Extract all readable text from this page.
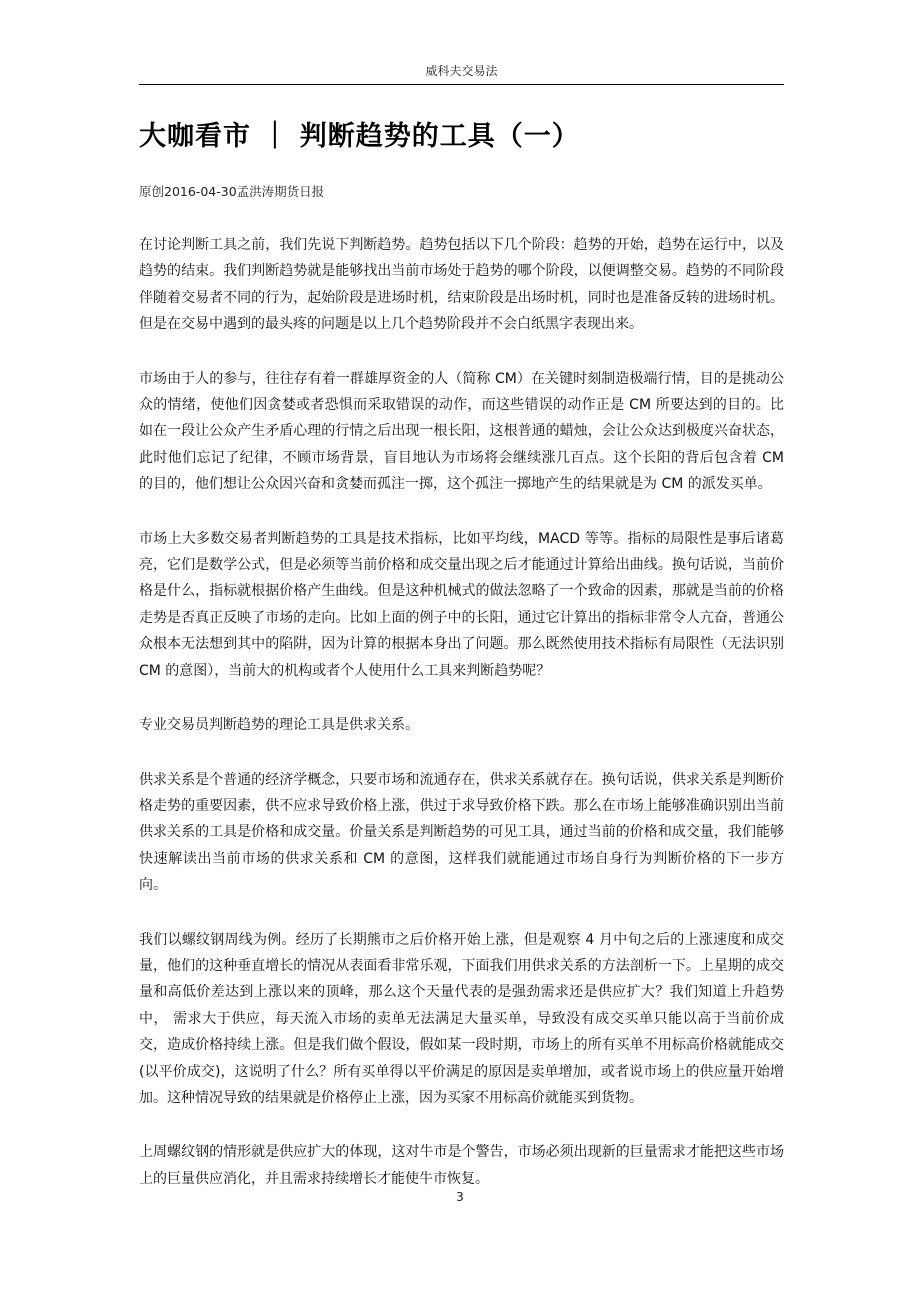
威科夫交易法
大咖看市 ｜ 判断趋势的工具（一）
原创2016-04-30孟洪涛期货日报

在讨论判断工具之前，我们先说下判断趋势。趋势包括以下几个阶段：趋势的开始，趋势在运行中，以及趋势的结束。我们判断趋势就是能够找出当前市场处于趋势的哪个阶段，以便调整交易。趋势的不同阶段伴随着交易者不同的行为，起始阶段是进场时机，结束阶段是出场时机，同时也是准备反转的进场时机。但是在交易中遇到的最头疼的问题是以上几个趋势阶段并不会白纸黑字表现出来。

市场由于人的参与，往往存有着一群雄厚资金的人（简称 CM）在关键时刻制造极端行情，目的是挑动公众的情绪，使他们因贪婪或者恐惧而采取错误的动作，而这些错误的动作正是 CM 所要达到的目的。比如在一段让公众产生矛盾心理的行情之后出现一根长阳，这根普通的蜡烛，会让公众达到极度兴奋状态，此时他们忘记了纪律，不顾市场背景，盲目地认为市场将会继续涨几百点。这个长阳的背后包含着 CM 的目的，他们想让公众因兴奋和贪婪而孤注一掷，这个孤注一掷地产生的结果就是为 CM 的派发买单。

市场上大多数交易者判断趋势的工具是技术指标，比如平均线，MACD 等等。指标的局限性是事后诸葛亮，它们是数学公式，但是必须等当前价格和成交量出现之后才能通过计算给出曲线。换句话说，当前价格是什么，指标就根据价格产生曲线。但是这种机械式的做法忽略了一个致命的因素，那就是当前的价格走势是否真正反映了市场的走向。比如上面的例子中的长阳，通过它计算出的指标非常令人亢奋，普通公众根本无法想到其中的陷阱，因为计算的根据本身出了问题。那么既然使用技术指标有局限性（无法识别 CM 的意图），当前大的机构或者个人使用什么工具来判断趋势呢？

专业交易员判断趋势的理论工具是供求关系。

供求关系是个普通的经济学概念，只要市场和流通存在，供求关系就存在。换句话说，供求关系是判断价格走势的重要因素，供不应求导致价格上涨，供过于求导致价格下跌。那么在市场上能够准确识别出当前供求关系的工具是价格和成交量。价量关系是判断趋势的可见工具，通过当前的价格和成交量，我们能够快速解读出当前市场的供求关系和 CM 的意图，这样我们就能通过市场自身行为判断价格的下一步方向。

我们以螺纹钢周线为例。经历了长期熊市之后价格开始上涨，但是观察 4 月中旬之后的上涨速度和成交量，他们的这种垂直增长的情况从表面看非常乐观，下面我们用供求关系的方法剖析一下。上星期的成交量和高低价差达到上涨以来的顶峰，那么这个天量代表的是强劲需求还是供应扩大？我们知道上升趋势中， 需求大于供应，每天流入市场的卖单无法满足大量买单，导致没有成交买单只能以高于当前价成交，造成价格持续上涨。但是我们做个假设，假如某一段时期，市场上的所有买单不用标高价格就能成交(以平价成交)，这说明了什么？所有买单得以平价满足的原因是卖单增加，或者说市场上的供应量开始增加。这种情况导致的结果就是价格停止上涨，因为买家不用标高价就能买到货物。

上周螺纹钢的情形就是供应扩大的体现，这对牛市是个警告，市场必须出现新的巨量需求才能把这些市场上的巨量供应消化，并且需求持续增长才能使牛市恢复。

3
